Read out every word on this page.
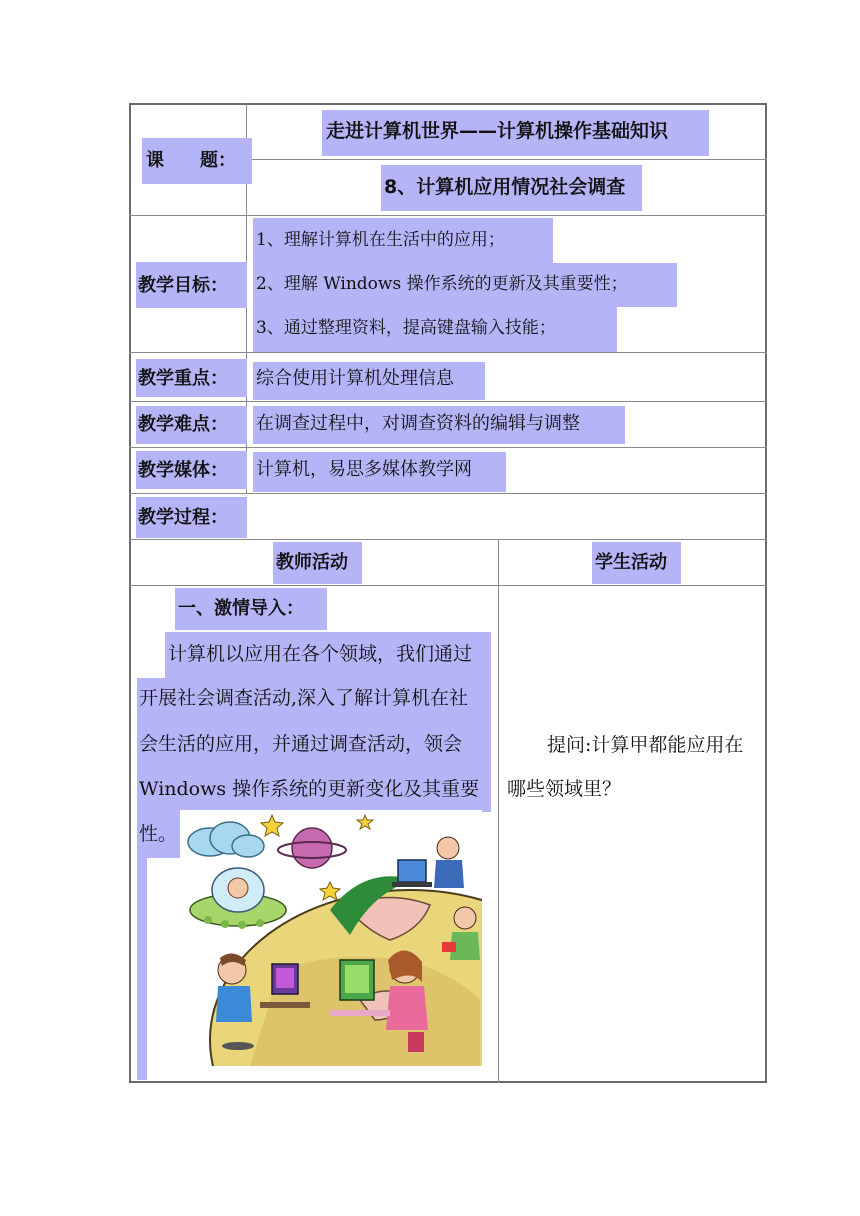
课　　题：
走进计算机世界——计算机操作基础知识
8、计算机应用情况社会调查
教学目标：
1、理解计算机在生活中的应用；
2、理解 Windows 操作系统的更新及其重要性；
3、通过整理资料，提高键盘输入技能；
教学重点： 综合使用计算机处理信息
教学难点： 在调查过程中，对调查资料的编辑与调整
教学媒体： 计算机，易思多媒体教学网
教学过程：
教师活动	学生活动
一、激情导入：
计算机以应用在各个领域，我们通过
开展社会调查活动,深入了解计算机在社
会生活的应用，并通过调查活动，领会
Windows 操作系统的更新变化及其重要
性。
提问:计算甲都能应用在
哪些领域里？
